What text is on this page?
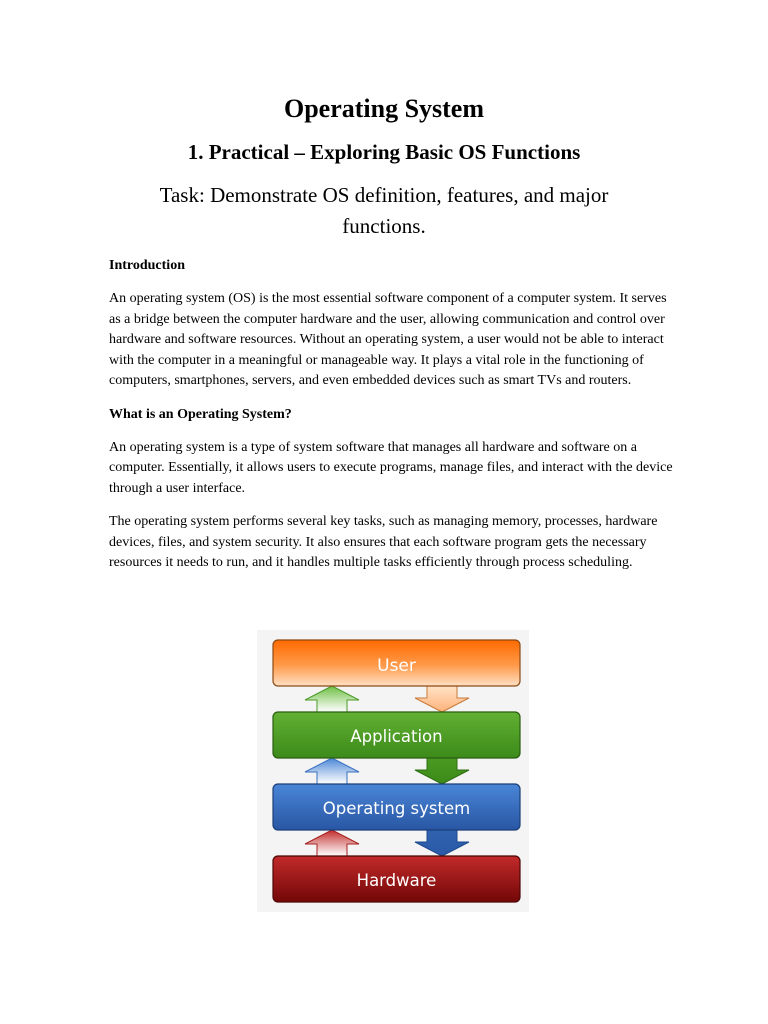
Operating System
1. Practical – Exploring Basic OS Functions
Task: Demonstrate OS definition, features, and major functions.
Introduction

An operating system (OS) is the most essential software component of a computer system. It serves as a bridge between the computer hardware and the user, allowing communication and control over hardware and software resources. Without an operating system, a user would not be able to interact with the computer in a meaningful or manageable way. It plays a vital role in the functioning of computers, smartphones, servers, and even embedded devices such as smart TVs and routers.

What is an Operating System?

An operating system is a type of system software that manages all hardware and software on a computer. Essentially, it allows users to execute programs, manage files, and interact with the device through a user interface.

The operating system performs several key tasks, such as managing memory, processes, hardware devices, files, and system security. It also ensures that each software program gets the necessary resources it needs to run, and it handles multiple tasks efficiently through process scheduling.

User
Application
Operating system
Hardware
